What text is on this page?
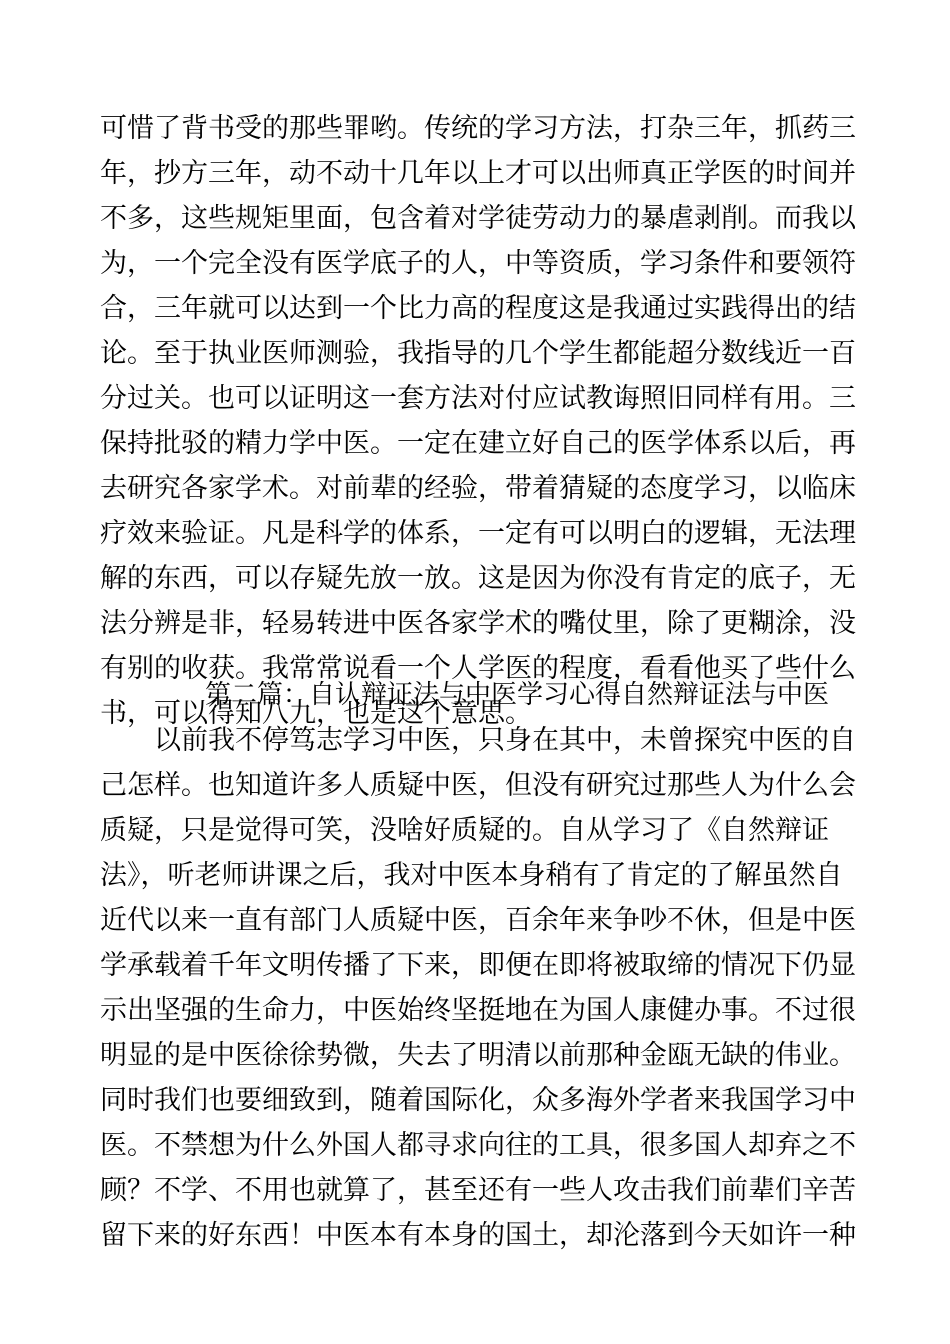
可惜了背书受的那些罪哟。传统的学习方法，打杂三年，抓药三
年，抄方三年，动不动十几年以上才可以出师真正学医的时间并
不多，这些规矩里面，包含着对学徒劳动力的暴虐剥削。而我以
为，一个完全没有医学底子的人，中等资质，学习条件和要领符
合，三年就可以达到一个比力高的程度这是我通过实践得出的结
论。至于执业医师测验，我指导的几个学生都能超分数线近一百
分过关。也可以证明这一套方法对付应试教诲照旧同样有用。三
保持批驳的精力学中医。一定在建立好自己的医学体系以后，再
去研究各家学术。对前辈的经验，带着猜疑的态度学习，以临床
疗效来验证。凡是科学的体系，一定有可以明白的逻辑，无法理
解的东西，可以存疑先放一放。这是因为你没有肯定的底子，无
法分辨是非，轻易转进中医各家学术的嘴仗里，除了更糊涂，没
有别的收获。我常常说看一个人学医的程度，看看他买了些什么
书，可以得知八九，也是这个意思。
第二篇：自认辩证法与中医学习心得自然辩证法与中医
　　以前我不停笃志学习中医，只身在其中，未曾探究中医的自
己怎样。也知道许多人质疑中医，但没有研究过那些人为什么会
质疑，只是觉得可笑，没啥好质疑的。自从学习了《自然辩证
法》，听老师讲课之后，我对中医本身稍有了肯定的了解虽然自
近代以来一直有部门人质疑中医，百余年来争吵不休，但是中医
学承载着千年文明传播了下来，即便在即将被取缔的情况下仍显
示出坚强的生命力，中医始终坚挺地在为国人康健办事。不过很
明显的是中医徐徐势微，失去了明清以前那种金瓯无缺的伟业。
同时我们也要细致到，随着国际化，众多海外学者来我国学习中
医。不禁想为什么外国人都寻求向往的工具，很多国人却弃之不
顾？不学、不用也就算了，甚至还有一些人攻击我们前辈们辛苦
留下来的好东西！中医本有本身的国土，却沦落到今天如许一种
